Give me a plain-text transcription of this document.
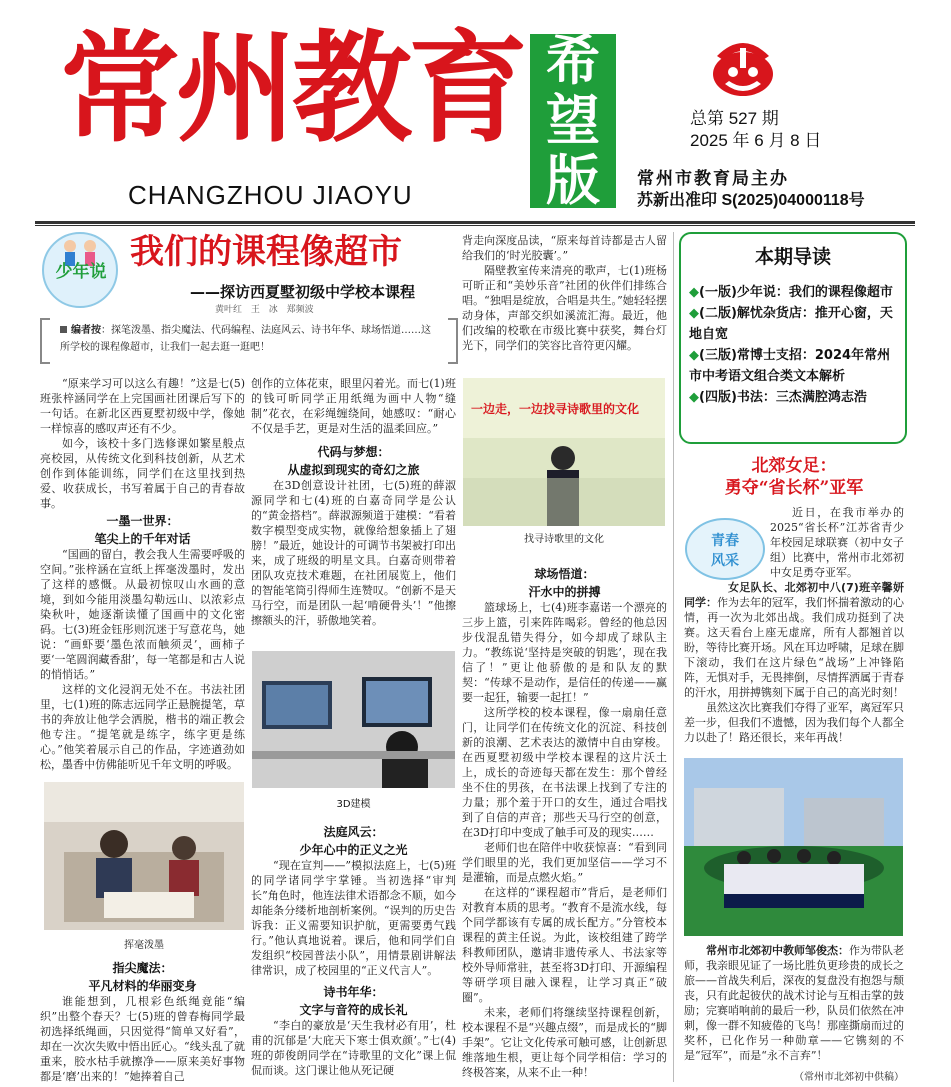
常州教育
CHANGZHOU JIAOYU
希
望
版
总第 527 期
2025 年 6 月 8 日
常州市教育局主办
苏新出准印 S(2025)04000118号
少年说 我们的课程像超市
——探访西夏墅初级中学校本课程
黄叶红 王 冰 郑频波
编者按：探笔泼墨、指尖魔法、代码编程、法庭风云、诗书年华、球场悟道……这所学校的课程像超市，让我们一起去逛一逛吧！

“原来学习可以这么有趣！”这是七(5)班张梓涵同学在上完国画社团课后写下的一句话。在新北区西夏墅初级中学，像她一样惊喜的感叹声还有不少。

如今，该校十多门选修课如繁星般点亮校园，从传统文化到科技创新，从艺术创作到体能训练，同学们在这里找到热爱、收获成长，书写着属于自己的青春故事。

一墨一世界：
笔尖上的千年对话

“国画的留白，教会我人生需要呼吸的空间。”张梓涵在宣纸上挥毫泼墨时，发出了这样的感慨。从最初惊叹山水画的意境，到如今能用淡墨勾勒远山、以浓彩点染秋叶，她逐渐读懂了国画中的文化密码。七(3)班金钰彤则沉迷于写意花鸟，她说：“画虾要‘墨色浓而触须灵’，画柿子要‘一笔圆润藏香甜’，每一笔都是和古人说的悄悄话。”

这样的文化浸润无处不在。书法社团里，七(1)班的陈志远同学正悬腕提笔，草书的奔放让他学会洒脱，楷书的端正教会他专注。“提笔就是练字，练字更是练心。”他笑着展示自己的作品，字迹遒劲如松，墨香中仿佛能听见千年文明的呼吸。

挥毫泼墨
指尖魔法：
平凡材料的华丽变身

谁能想到，几根彩色纸绳竟能“编织”出整个春天？七(5)班的曾春梅同学最初选择纸绳画，只因觉得“简单又好看”，却在一次次失败中悟出匠心。“线头乱了就重来，胶水枯手就擦净——原来美好事物都是‘磨’出来的！”她捧着自己

创作的立体花束，眼里闪着光。而七(1)班的钱可昕同学正用纸绳为画中人物“缝制”花衣，在彩绳缠绕间，她感叹：“耐心不仅是手艺，更是对生活的温柔回应。”

代码与梦想：
从虚拟到现实的奇幻之旅

在3D创意设计社团，七(5)班的薛淑源同学和七(4)班的白嘉奇同学是公认的“黄金搭档”。薛淑源频道于建模：“看着数字模型变成实物，就像给想象插上了翅膀！”最近，她设计的可调节书架被打印出来，成了班级的明星文具。白嘉奇则带着团队攻克技术难题，在社团展览上，他们的智能笔筒引得师生连赞叹。“创新不是天马行空，而是团队一起‘啃硬骨头’！”他擦擦额头的汗，骄傲地笑着。

3D建模
法庭风云：
少年心中的正义之光

“现在宣判——”模拟法庭上，七(5)班的同学诸同学宇掌锤。当初选择“审判长”角色时，他连法律术语都念不顺，如今却能条分缕析地剖析案例。“误判的历史告诉我：正义需要知识护航，更需要勇气践行。”他认真地说着。课后，他和同学们自发组织“校园普法小队”，用情景剧讲解法律常识，成了校园里的“正义代言人”。

诗书年华：
文字与音符的成长礼

“李白的豪放是‘天生我材必有用’，杜甫的沉郁是‘大庇天下寒士俱欢颜’。”七(4)班的茆俊朗同学在“诗歌里的文化”课上侃侃而谈。这门课让他从死记硬

背走向深度品读，“原来每首诗都是古人留给我们的‘时光胶囊’。”

隔壁教室传来清亮的歌声，七(1)班杨可昕正和“美妙乐音”社团的伙伴们排练合唱。“独唱是绽放，合唱是共生。”她轻轻摆动身体，声部交织如溪流汇海。最近，他们改编的校歌在市级比赛中获奖，舞台灯光下，同学们的笑容比音符更闪耀。

一边走，一边找寻诗歌里的文化
找寻诗歌里的文化
球场悟道：
汗水中的拼搏

篮球场上，七(4)班李嘉诺一个漂亮的三步上篮，引来阵阵喝彩。曾经的他总因步伐混乱错失得分，如今却成了球队主力。“教练说‘坚持是突破的钥匙’，现在我信了！”更让他骄傲的是和队友的默契：“传球不是动作，是信任的传递——赢要一起狂，输要一起扛！”

这所学校的校本课程，像一扇扇任意门，让同学们在传统文化的沉淀、科技创新的浪潮、艺术表达的激情中自由穿梭。在西夏墅初级中学校本课程的这片沃土上，成长的奇迹每天都在发生：那个曾经坐不住的男孩，在书法课上找到了专注的力量；那个羞于开口的女生，通过合唱找到了自信的声音；那些天马行空的创意，在3D打印中变成了触手可及的现实……

老师们也在陪伴中收获惊喜：“看到同学们眼里的光，我们更加坚信——学习不是灌输，而是点燃火焰。”

在这样的“课程超市”背后，是老师们对教育本质的思考。“教育不是流水线，每个同学都该有专属的成长配方。”分管校本课程的黄主任说。为此，该校组建了跨学科教师团队，邀请非遗传承人、书法家等校外导师常驻，甚至将3D打印、开源编程等研学项目融入课程，让学习真正“破圈”。

未来，老师们将继续坚持课程创新，校本课程不是“兴趣点缀”，而是成长的“脚手架”。它让文化传承可触可感，让创新思维落地生根，更让每个同学相信：学习的终极答案，从来不止一种！

本期导读
◆(一版)少年说：我们的课程像超市
◆(二版)解忧杂货店：推开心窗，天地自宽
◆(三版)常博士支招：2024年常州市中考语文组合类文本解析
◆(四版)书法：三杰满腔鸿志浩
北郊女足：
勇夺“省长杯”亚军
青春
风采

近日，在我市举办的2025“省长杯”江苏省青少年校园足球联赛（初中女子组）比赛中，常州市北郊初中女足勇夺亚军。

女足队长、北郊初中八(7)班辛馨妍同学：作为去年的冠军，我们怀揣着激动的心情，再一次为北郊出战。我们成功挺到了决赛。这天看台上座无虚席，所有人都翘首以盼，等待比赛开场。风在耳边呼啸，足球在脚下滚动，我们在这片绿色“战场”上冲锋陷阵，无惧对手，无畏摔倒，尽情挥洒属于青春的汗水，用拼搏镌刻下属于自己的高光时刻！

虽然这次比赛我们夺得了亚军，离冠军只差一步，但我们不遗憾，因为我们每个人都全力以赴了！路还很长，来年再战！

常州市北郊初中教师邹俊杰：作为带队老师，我亲眼见证了一场比胜负更珍贵的成长之旅——首战失利后，深夜的复盘没有抱怨与颓丧，只有此起彼伏的战术讨论与互相击掌的鼓励；完赛哨响前的最后一秒，队员们依然在冲刺，像一群不知疲倦的飞鸟！那座撕扇而过的奖杯，已化作另一种勋章——它镌刻的不是“冠军”，而是“永不言弃”！

（常州市北郊初中供稿）
